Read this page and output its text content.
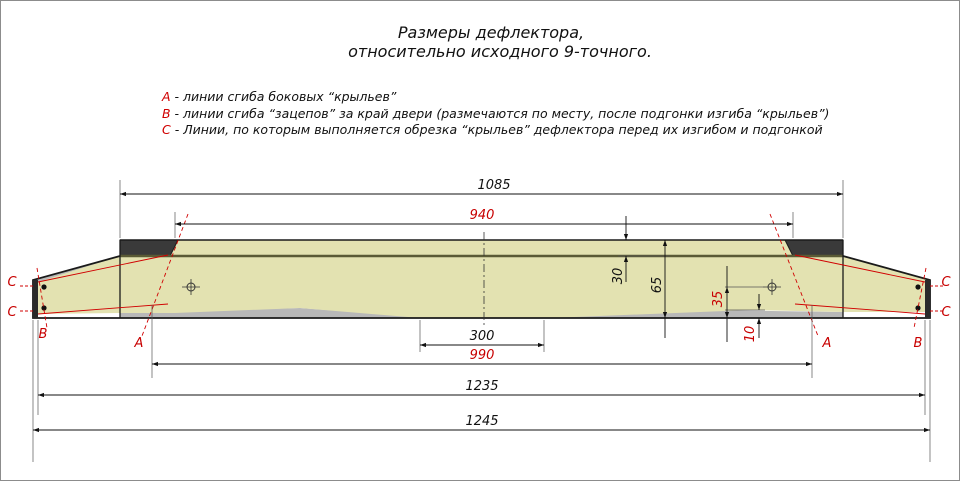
Размеры дефлектора,
относительно исходного 9-точного.
A - линии сгиба боковых “крыльев”
B - линии сгиба “зацепов” за край двери (размечаются по месту, после подгонки изгиба “крыльев”)
C - Линии, по которым выполняется обрезка “крыльев” дефлектора перед их изгибом и подгонкой
1085
940
300
990
1235
1245
30
65
35
10
A	A
B
B
C
C
C
C
